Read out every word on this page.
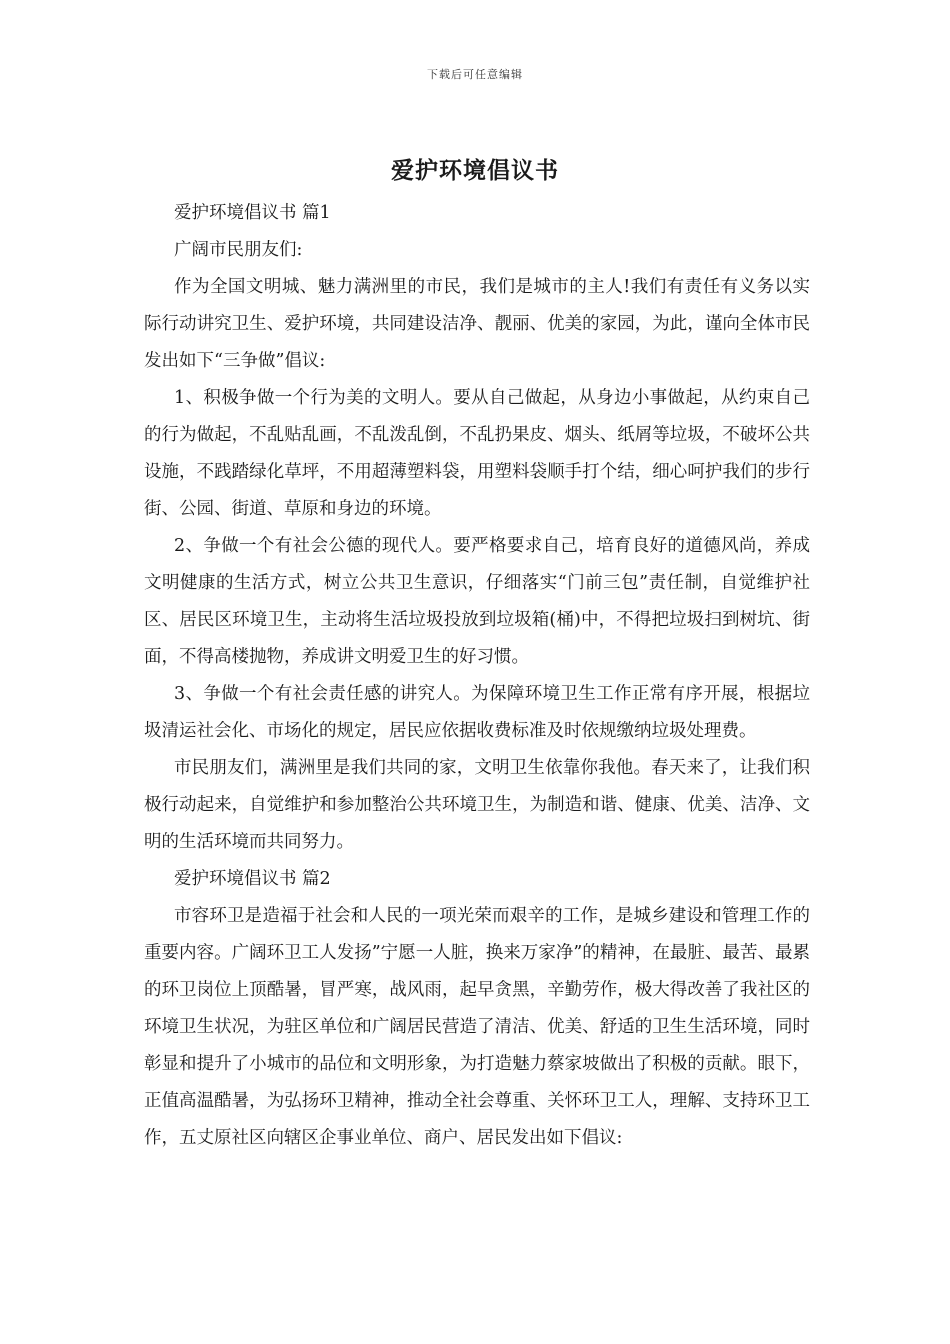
下载后可任意编辑
爱护环境倡议书

爱护环境倡议书 篇1

广阔市民朋友们:

作为全国文明城、魅力满洲里的市民，我们是城市的主人!我们有责任有义务以实际行动讲究卫生、爱护环境，共同建设洁净、靓丽、优美的家园，为此，谨向全体市民发出如下“三争做”倡议:

1、积极争做一个行为美的文明人。要从自己做起，从身边小事做起，从约束自己的行为做起，不乱贴乱画，不乱泼乱倒，不乱扔果皮、烟头、纸屑等垃圾，不破坏公共设施，不践踏绿化草坪，不用超薄塑料袋，用塑料袋顺手打个结，细心呵护我们的步行街、公园、街道、草原和身边的环境。

2、争做一个有社会公德的现代人。要严格要求自己，培育良好的道德风尚，养成文明健康的生活方式，树立公共卫生意识，仔细落实“门前三包”责任制，自觉维护社区、居民区环境卫生，主动将生活垃圾投放到垃圾箱(桶)中，不得把垃圾扫到树坑、街面，不得高楼抛物，养成讲文明爱卫生的好习惯。

3、争做一个有社会责任感的讲究人。为保障环境卫生工作正常有序开展，根据垃圾清运社会化、市场化的规定，居民应依据收费标准及时依规缴纳垃圾处理费。

市民朋友们，满洲里是我们共同的家，文明卫生依靠你我他。春天来了，让我们积极行动起来，自觉维护和参加整治公共环境卫生，为制造和谐、健康、优美、洁净、文明的生活环境而共同努力。

爱护环境倡议书 篇2

市容环卫是造福于社会和人民的一项光荣而艰辛的工作，是城乡建设和管理工作的重要内容。广阔环卫工人发扬”宁愿一人脏，换来万家净”的精神，在最脏、最苦、最累的环卫岗位上顶酷暑，冒严寒，战风雨，起早贪黑，辛勤劳作，极大得改善了我社区的环境卫生状况，为驻区单位和广阔居民营造了清洁、优美、舒适的卫生生活环境，同时彰显和提升了小城市的品位和文明形象，为打造魅力蔡家坡做出了积极的贡献。眼下，正值高温酷暑，为弘扬环卫精神，推动全社会尊重、关怀环卫工人，理解、支持环卫工作，五丈原社区向辖区企事业单位、商户、居民发出如下倡议:
